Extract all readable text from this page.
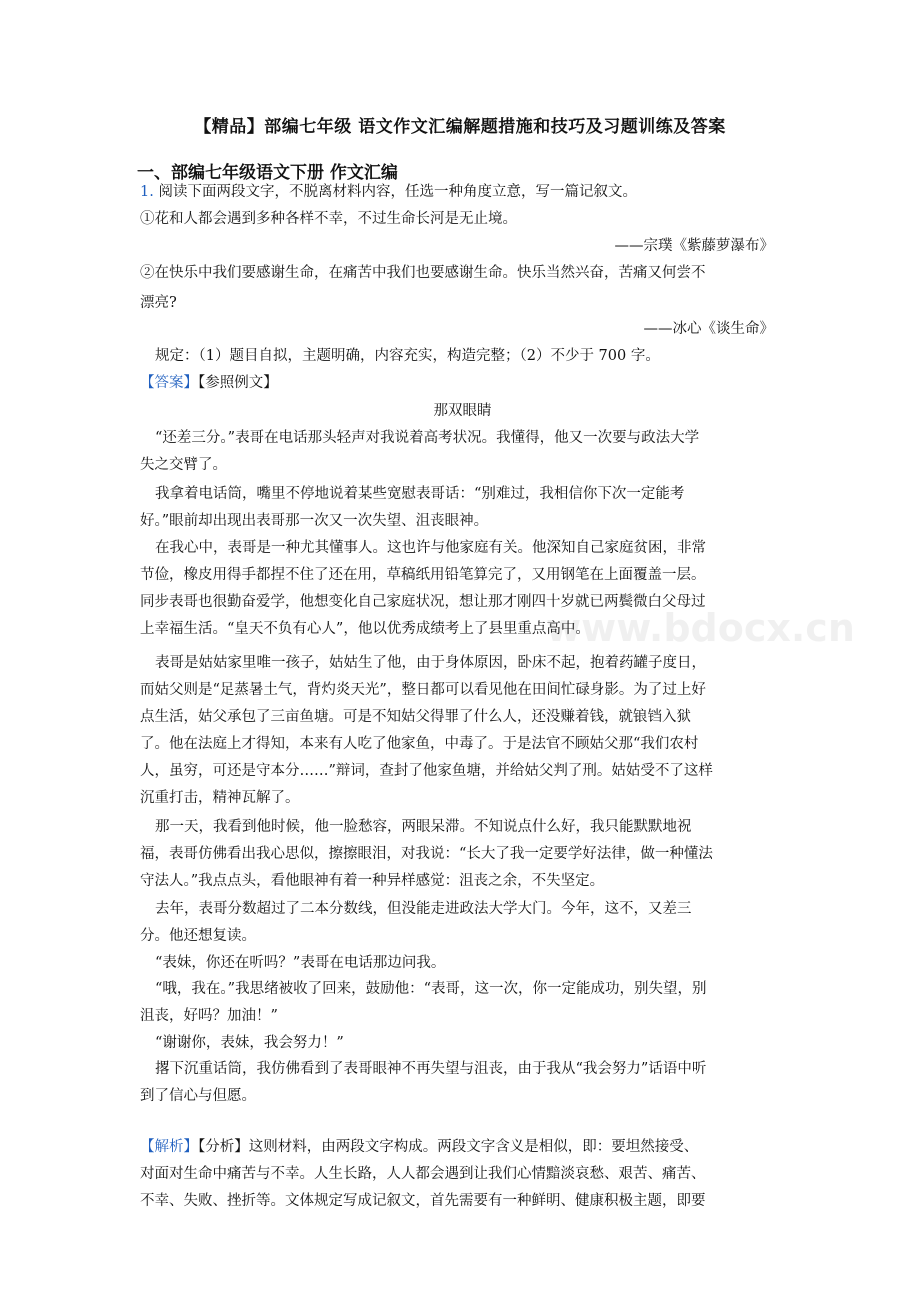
【精品】部编七年级 语文作文汇编解题措施和技巧及习题训练及答案
一、部编七年级语文下册 作文汇编
1. 阅读下面两段文字，不脱离材料内容，任选一种角度立意，写一篇记叙文。
①花和人都会遇到多种各样不幸，不过生命长河是无止境。
——宗璞《紫藤萝瀑布》
②在快乐中我们要感谢生命，在痛苦中我们也要感谢生命。快乐当然兴奋，苦痛又何尝不
漂亮?
——冰心《谈生命》
规定：（1）题目自拟，主题明确，内容充实，构造完整；（2）不少于 700 字。
【答案】【参照例文】
那双眼睛
“还差三分。”表哥在电话那头轻声对我说着高考状况。我懂得，他又一次要与政法大学
失之交臂了。
我拿着电话筒，嘴里不停地说着某些宽慰表哥话：“别难过，我相信你下次一定能考
好。”眼前却出现出表哥那一次又一次失望、沮丧眼神。
在我心中，表哥是一种尤其懂事人。这也许与他家庭有关。他深知自己家庭贫困，非常
节俭，橡皮用得手都捏不住了还在用，草稿纸用铅笔算完了，又用钢笔在上面覆盖一层。
同步表哥也很勤奋爱学，他想变化自己家庭状况，想让那才刚四十岁就已两鬓微白父母过
上幸福生活。“皇天不负有心人”，他以优秀成绩考上了县里重点高中。
表哥是姑姑家里唯一孩子，姑姑生了他，由于身体原因，卧床不起，抱着药罐子度日，
而姑父则是“足蒸暑土气，背灼炎天光”，整日都可以看见他在田间忙碌身影。为了过上好
点生活，姑父承包了三亩鱼塘。可是不知姑父得罪了什么人，还没赚着钱，就锒铛入狱
了。他在法庭上才得知，本来有人吃了他家鱼，中毒了。于是法官不顾姑父那“我们农村
人，虽穷，可还是守本分……”辩词，查封了他家鱼塘，并给姑父判了刑。姑姑受不了这样
沉重打击，精神瓦解了。
那一天，我看到他时候，他一脸愁容，两眼呆滞。不知说点什么好，我只能默默地祝
福，表哥仿佛看出我心思似，擦擦眼泪，对我说：“长大了我一定要学好法律，做一种懂法
守法人。”我点点头，看他眼神有着一种异样感觉：沮丧之余，不失坚定。
去年，表哥分数超过了二本分数线，但没能走进政法大学大门。今年，这不，又差三
分。他还想复读。
“表妹，你还在听吗？”表哥在电话那边问我。
“哦，我在。”我思绪被收了回来，鼓励他：“表哥，这一次，你一定能成功，别失望，别
沮丧，好吗？加油！”
“谢谢你，表妹，我会努力！”
撂下沉重话筒，我仿佛看到了表哥眼神不再失望与沮丧，由于我从“我会努力”话语中听
到了信心与但愿。
【解析】【分析】这则材料，由两段文字构成。两段文字含义是相似，即：要坦然接受、
对面对生命中痛苦与不幸。人生长路，人人都会遇到让我们心情黯淡哀愁、艰苦、痛苦、
不幸、失败、挫折等。文体规定写成记叙文，首先需要有一种鲜明、健康积极主题，即要
www.bdocx.cn
